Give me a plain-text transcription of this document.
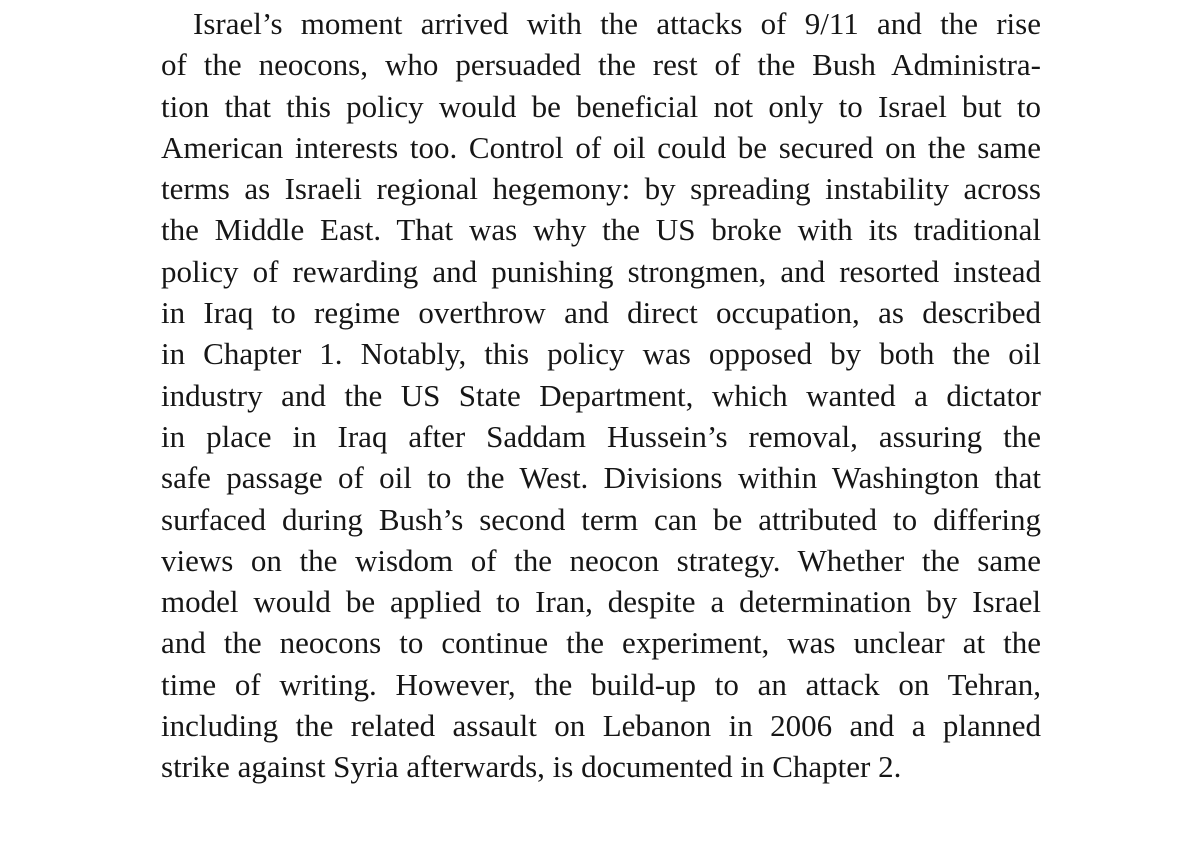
Israel’s moment arrived with the attacks of 9/11 and the rise
of the neocons, who persuaded the rest of the Bush Administra-
tion that this policy would be beneficial not only to Israel but to
American interests too. Control of oil could be secured on the same
terms as Israeli regional hegemony: by spreading instability across
the Middle East. That was why the US broke with its traditional
policy of rewarding and punishing strongmen, and resorted instead
in Iraq to regime overthrow and direct occupation, as described
in Chapter 1. Notably, this policy was opposed by both the oil
industry and the US State Department, which wanted a dictator
in place in Iraq after Saddam Hussein’s removal, assuring the
safe passage of oil to the West. Divisions within Washington that
surfaced during Bush’s second term can be attributed to differing
views on the wisdom of the neocon strategy. Whether the same
model would be applied to Iran, despite a determination by Israel
and the neocons to continue the experiment, was unclear at the
time of writing. However, the build-up to an attack on Tehran,
including the related assault on Lebanon in 2006 and a planned
strike against Syria afterwards, is documented in Chapter 2.
